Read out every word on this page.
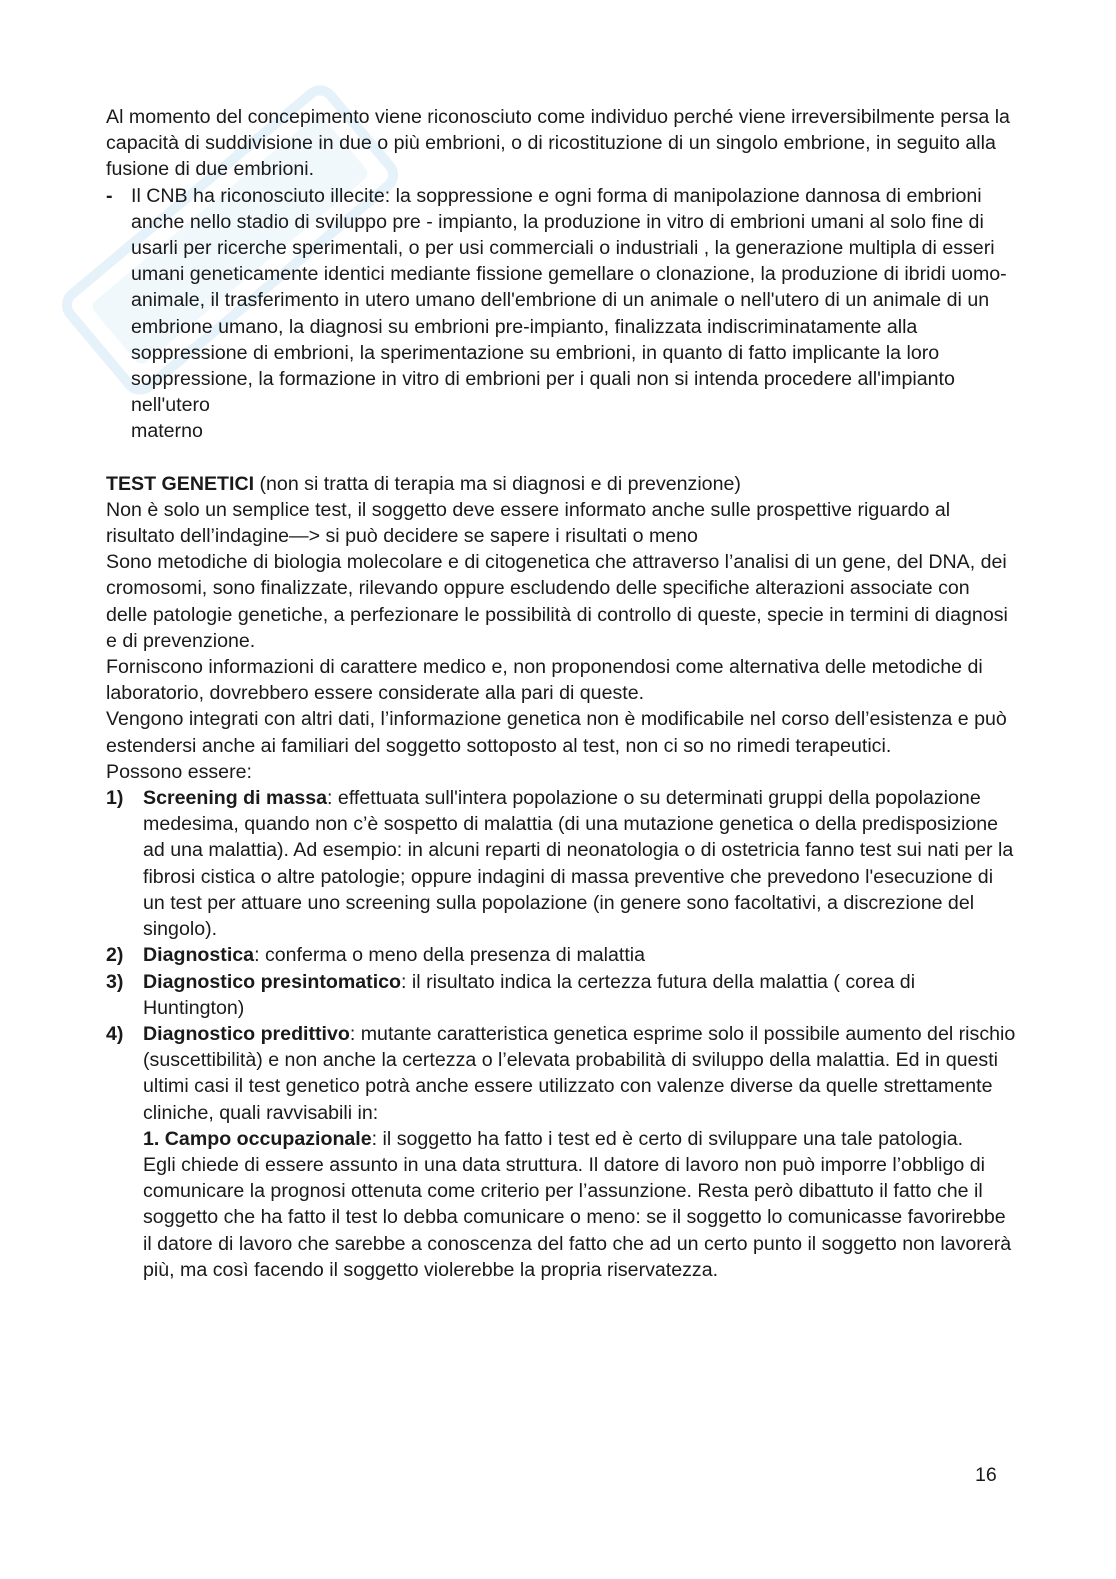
Al momento del concepimento viene riconosciuto come individuo perché viene irreversibilmente persa la capacità di suddivisione in due o più embrioni, o di ricostituzione di un singolo embrione, in seguito alla fusione di due embrioni.

- Il CNB ha riconosciuto illecite: la soppressione e ogni forma di manipolazione dannosa di embrioni anche nello stadio di sviluppo pre - impianto, la produzione in vitro di embrioni umani al solo fine di usarli per ricerche sperimentali, o per usi commerciali o industriali , la generazione multipla di esseri umani geneticamente identici mediante fissione gemellare o clonazione, la produzione di ibridi uomo-animale, il trasferimento in utero umano dell'embrione di un animale o nell'utero di un animale di un embrione umano, la diagnosi su embrioni pre-impianto, finalizzata indiscriminatamente alla soppressione di embrioni, la sperimentazione su embrioni, in quanto di fatto implicante la loro soppressione, la formazione in vitro di embrioni per i quali non si intenda procedere all'impianto nell'utero

materno

TEST GENETICI (non si tratta di terapia ma si diagnosi e di prevenzione)

Non è solo un semplice test, il soggetto deve essere informato anche sulle prospettive riguardo al risultato dell’indagine—> si può decidere se sapere i risultati o meno

Sono metodiche di biologia molecolare e di citogenetica che attraverso l’analisi di un gene, del DNA, dei cromosomi, sono finalizzate, rilevando oppure escludendo delle specifiche alterazioni associate con delle patologie genetiche, a perfezionare le possibilità di controllo di queste, specie in termini di diagnosi e di prevenzione.

Forniscono informazioni di carattere medico e, non proponendosi come alternativa delle metodiche di laboratorio, dovrebbero essere considerate alla pari di queste.

Vengono integrati con altri dati, l’informazione genetica non è modificabile nel corso dell’esistenza e può estendersi anche ai familiari del soggetto sottoposto al test, non ci so no rimedi terapeutici.

Possono essere:

1) Screening di massa: effettuata sull'intera popolazione o su determinati gruppi della popolazione medesima, quando non c’è sospetto di malattia (di una mutazione genetica o della predisposizione ad una malattia). Ad esempio: in alcuni reparti di neonatologia o di ostetricia fanno test sui nati per la fibrosi cistica o altre patologie; oppure indagini di massa preventive che prevedono l'esecuzione di un test per attuare uno screening sulla popolazione (in genere sono facoltativi, a discrezione del singolo).

2) Diagnostica: conferma o meno della presenza di malattia

3) Diagnostico presintomatico: il risultato indica la certezza futura della malattia ( corea di Huntington)

4) Diagnostico predittivo: mutante caratteristica genetica esprime solo il possibile aumento del rischio (suscettibilità) e non anche la certezza o l’elevata probabilità di sviluppo della malattia. Ed in questi ultimi casi il test genetico potrà anche essere utilizzato con valenze diverse da quelle strettamente cliniche, quali ravvisabili in:

1. Campo occupazionale: il soggetto ha fatto i test ed è certo di sviluppare una tale patologia.

Egli chiede di essere assunto in una data struttura. Il datore di lavoro non può imporre l’obbligo di comunicare la prognosi ottenuta come criterio per l’assunzione. Resta però dibattuto il fatto che il soggetto che ha fatto il test lo debba comunicare o meno: se il soggetto lo comunicasse favorirebbe il datore di lavoro che sarebbe a conoscenza del fatto che ad un certo punto il soggetto non lavorerà più, ma così facendo il soggetto violerebbe la propria riservatezza.

16
